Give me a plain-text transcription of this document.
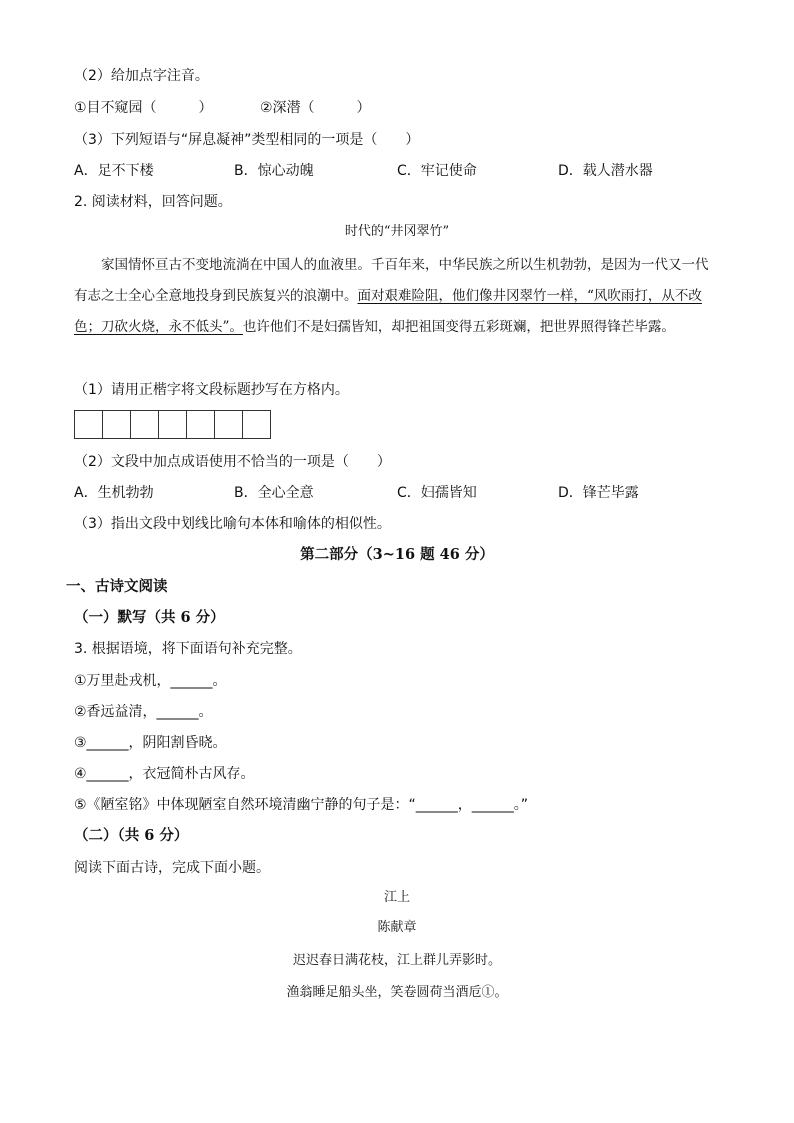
（2）给加点字注音。
①目不窥园（　　　）	②深潜（　　　）
（3）下列短语与“屏息凝神”类型相同的一项是（　　）
A．足不下楼	B．惊心动魄	C．牢记使命	D．载人潜水器
2. 阅读材料，回答问题。
时代的“井冈翠竹”
　　家国情怀亘古不变地流淌在中国人的血液里。千百年来，中华民族之所以生机勃勃，是因为一代又一代有志之士全心全意地投身到民族复兴的浪潮中。面对艰难险阻，他们像井冈翠竹一样，“风吹雨打，从不改色；刀砍火烧，永不低头”。也许他们不是妇孺皆知，却把祖国变得五彩斑斓，把世界照得锋芒毕露。
（1）请用正楷字将文段标题抄写在方格内。
（2）文段中加点成语使用不恰当的一项是（　　）
A．生机勃勃	B．全心全意	C．妇孺皆知	D．锋芒毕露
（3）指出文段中划线比喻句本体和喻体的相似性。
第二部分（3~16 题 46 分）
一、古诗文阅读
（一）默写（共 6 分）
3. 根据语境，将下面语句补充完整。
①万里赴戎机，______。
②香远益清，______。
③______，阴阳割昏晓。
④______，衣冠简朴古风存。
⑤《陋室铭》中体现陋室自然环境清幽宁静的句子是：“______，______。”
（二）（共 6 分）
阅读下面古诗，完成下面小题。
江上
陈献章
迟迟春日满花枝，江上群儿弄影时。
渔翁睡足船头坐，笑卷圆荷当酒卮①。
